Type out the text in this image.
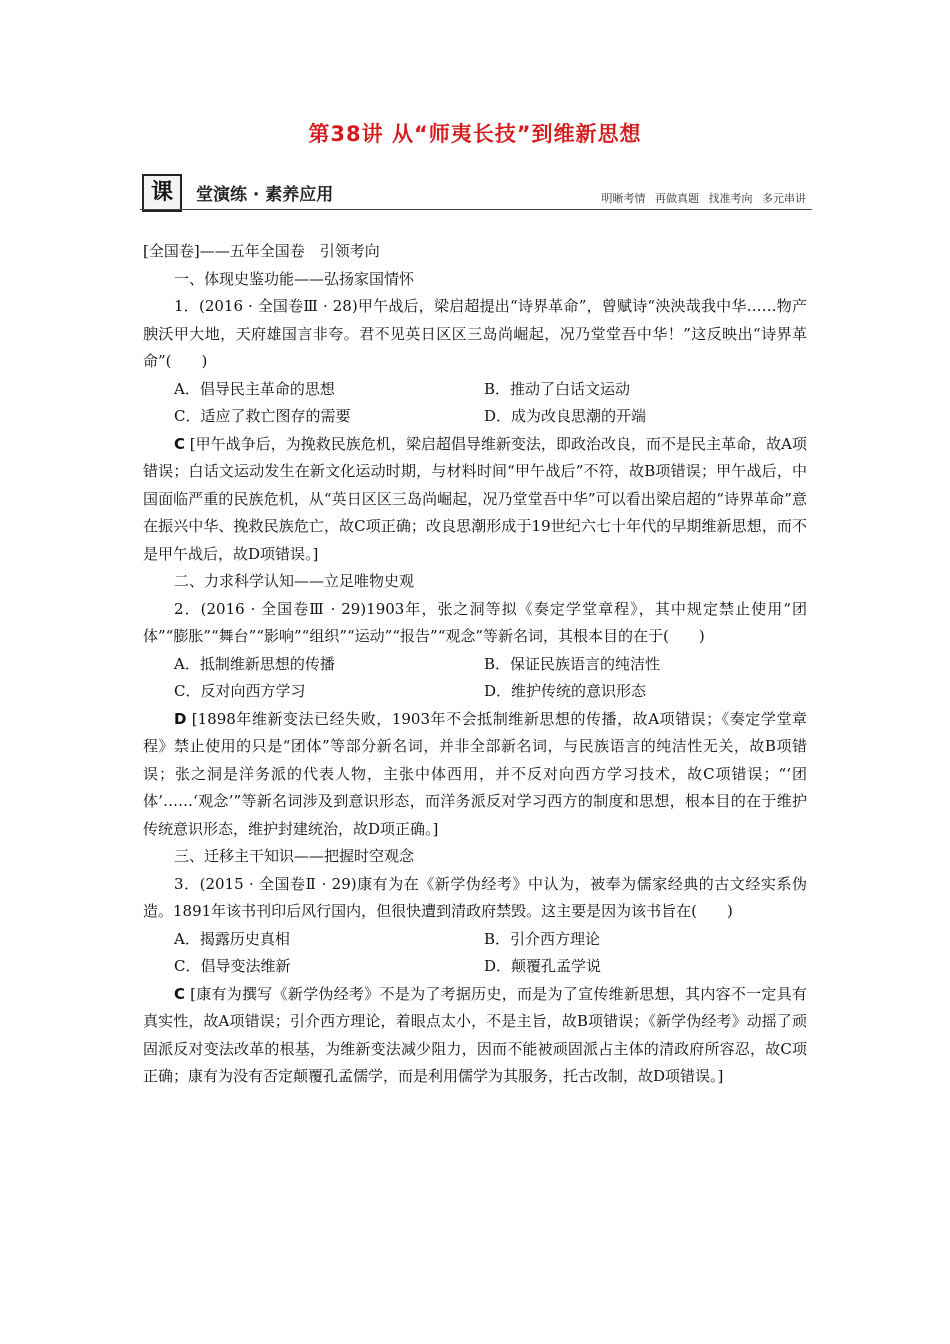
第38讲 从“师夷长技”到维新思想
课	堂演练 · 素养应用	明晰考情 再做真题 找准考向 多元串讲

[全国卷]——五年全国卷　引领考向

一、体现史鉴功能——弘扬家国情怀

1．(2016 · 全国卷Ⅲ · 28)甲午战后，梁启超提出“诗界革命”，曾赋诗“泱泱哉我中华……物产腴沃甲大地，天府雄国言非夸。君不见英日区区三岛尚崛起，况乃堂堂吾中华！”这反映出“诗界革命”(　　)

A．倡导民主革命的思想	B．推动了白话文运动
C．适应了救亡图存的需要	D．成为改良思潮的开端

C [甲午战争后，为挽救民族危机，梁启超倡导维新变法，即政治改良，而不是民主革命，故A项错误；白话文运动发生在新文化运动时期，与材料时间“甲午战后”不符，故B项错误；甲午战后，中国面临严重的民族危机，从“英日区区三岛尚崛起，况乃堂堂吾中华”可以看出梁启超的“诗界革命”意在振兴中华、挽救民族危亡，故C项正确；改良思潮形成于19世纪六七十年代的早期维新思想，而不是甲午战后，故D项错误。]

二、力求科学认知——立足唯物史观

2．(2016 · 全国卷Ⅲ · 29)1903年，张之洞等拟《奏定学堂章程》，其中规定禁止使用“团体”“膨胀”“舞台”“影响”“组织”“运动”“报告”“观念”等新名词，其根本目的在于(　　)

A．抵制维新思想的传播	B．保证民族语言的纯洁性
C．反对向西方学习	D．维护传统的意识形态

D [1898年维新变法已经失败，1903年不会抵制维新思想的传播，故A项错误；《奏定学堂章程》禁止使用的只是“团体”等部分新名词，并非全部新名词，与民族语言的纯洁性无关，故B项错误；张之洞是洋务派的代表人物，主张中体西用，并不反对向西方学习技术，故C项错误；“‘团体’……‘观念’”等新名词涉及到意识形态，而洋务派反对学习西方的制度和思想，根本目的在于维护传统意识形态，维护封建统治，故D项正确。]

三、迁移主干知识——把握时空观念

3．(2015 · 全国卷Ⅱ · 29)康有为在《新学伪经考》中认为，被奉为儒家经典的古文经实系伪造。1891年该书刊印后风行国内，但很快遭到清政府禁毁。这主要是因为该书旨在(　　)

A．揭露历史真相	B．引介西方理论
C．倡导变法维新	D．颠覆孔孟学说

C [康有为撰写《新学伪经考》不是为了考据历史，而是为了宣传维新思想，其内容不一定具有真实性，故A项错误；引介西方理论，着眼点太小，不是主旨，故B项错误；《新学伪经考》动摇了顽固派反对变法改革的根基，为维新变法减少阻力，因而不能被顽固派占主体的清政府所容忍，故C项正确；康有为没有否定颠覆孔孟儒学，而是利用儒学为其服务，托古改制，故D项错误。]
